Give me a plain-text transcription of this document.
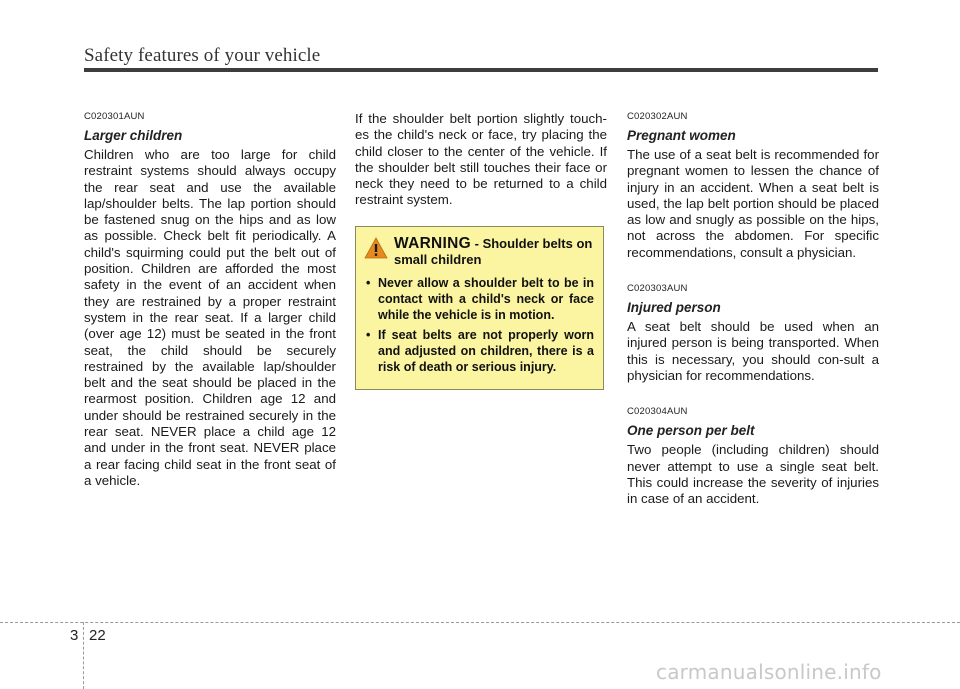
Safety features of your vehicle
C020301AUN
Larger children
Children who are too large for child restraint systems should always occupy the rear seat and use the available lap/shoulder belts. The lap portion should be fastened snug on the hips and as low as possible. Check belt fit periodically. A child's squirming could put the belt out of position. Children are afforded the most safety in the event of an accident when they are restrained by a proper restraint system in the rear seat. If a larger child (over age 12) must be seated in the front seat, the child should be securely restrained by the available lap/shoulder belt and the seat should be placed in the rearmost position. Children age 12 and under should be restrained securely in the rear seat. NEVER place a child age 12 and under in the front seat. NEVER place a rear facing child seat in the front seat of a vehicle.
If the shoulder belt portion slightly touch-es the child's neck or face, try placing the child closer to the center of the vehicle. If the shoulder belt still touches their face or neck they need to be returned to a child restraint system.
WARNING - Shoulder belts on small children
• Never allow a shoulder belt to be in contact with a child's neck or face while the vehicle is in motion.
• If seat belts are not properly worn and adjusted on children, there is a risk of death or serious injury.
C020302AUN
Pregnant women
The use of a seat belt is recommended for pregnant women to lessen the chance of injury in an accident. When a seat belt is used, the lap belt portion should be placed as low and snugly as possible on the hips, not across the abdomen. For specific recommendations, consult a physician.
C020303AUN
Injured person
A seat belt should be used when an injured person is being transported. When this is necessary, you should con-sult a physician for recommendations.
C020304AUN
One person per belt
Two people (including children) should never attempt to use a single seat belt. This could increase the severity of injuries in case of an accident.
3 22
carmanualsonline.info
